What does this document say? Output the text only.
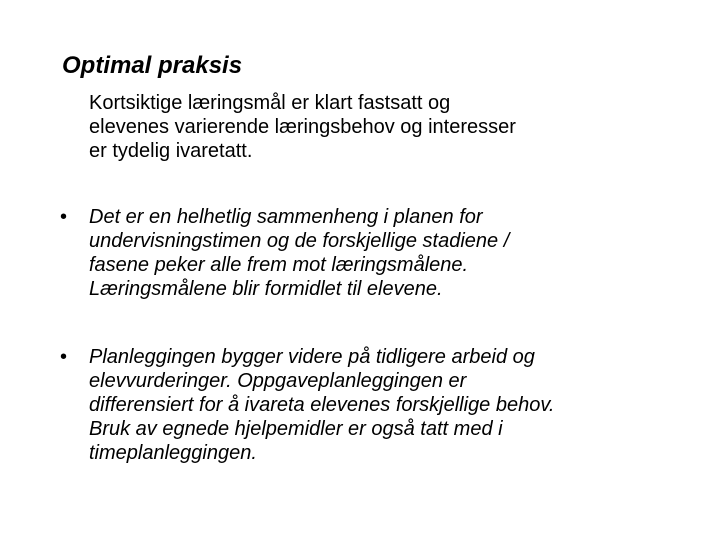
Optimal praksis
Kortsiktige læringsmål er klart fastsatt og
elevenes varierende læringsbehov og interesser
er tydelig ivaretatt.
• Det er en helhetlig sammenheng i planen for
undervisningstimen og de forskjellige stadiene /
fasene peker alle frem mot læringsmålene.
Læringsmålene blir formidlet til elevene.
• Planleggingen bygger videre på tidligere arbeid og
elevvurderinger. Oppgaveplanleggingen er
differensiert for å ivareta elevenes forskjellige behov.
Bruk av egnede hjelpemidler er også tatt med i
timeplanleggingen.
